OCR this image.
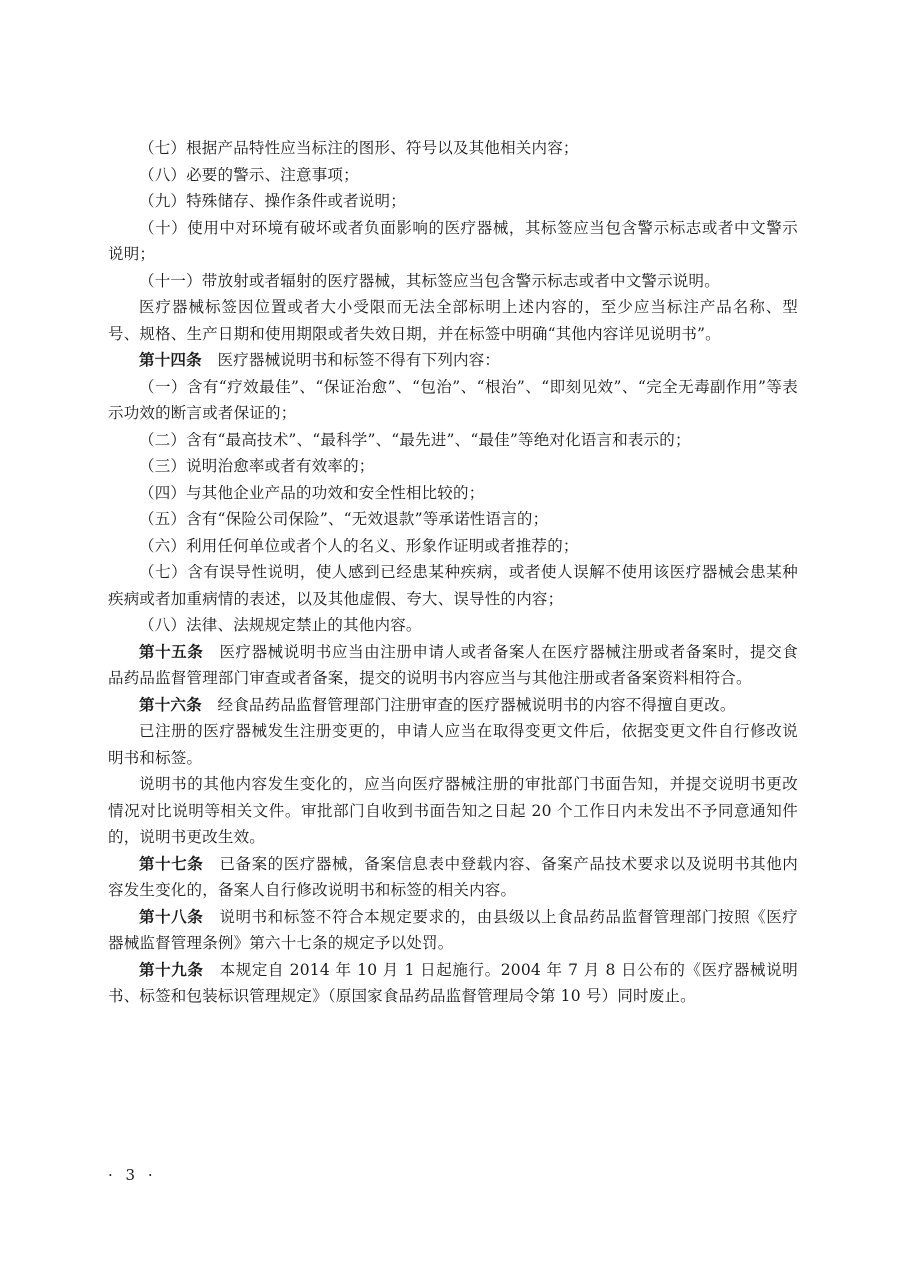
（七）根据产品特性应当标注的图形、符号以及其他相关内容；

（八）必要的警示、注意事项；

（九）特殊储存、操作条件或者说明；

（十）使用中对环境有破坏或者负面影响的医疗器械，其标签应当包含警示标志或者中文警示说明；

（十一）带放射或者辐射的医疗器械，其标签应当包含警示标志或者中文警示说明。

医疗器械标签因位置或者大小受限而无法全部标明上述内容的，至少应当标注产品名称、型号、规格、生产日期和使用期限或者失效日期，并在标签中明确“其他内容详见说明书”。

第十四条　 医疗器械说明书和标签不得有下列内容：

（一）含有“疗效最佳”、“保证治愈”、“包治”、“根治”、“即刻见效”、“完全无毒副作用”等表示功效的断言或者保证的；

（二）含有“最高技术”、“最科学”、“最先进”、“最佳”等绝对化语言和表示的；

（三）说明治愈率或者有效率的；

（四）与其他企业产品的功效和安全性相比较的；

（五）含有“保险公司保险”、“无效退款”等承诺性语言的；

（六）利用任何单位或者个人的名义、形象作证明或者推荐的；

（七）含有误导性说明，使人感到已经患某种疾病，或者使人误解不使用该医疗器械会患某种疾病或者加重病情的表述，以及其他虚假、夸大、误导性的内容；

（八）法律、法规规定禁止的其他内容。

第十五条　 医疗器械说明书应当由注册申请人或者备案人在医疗器械注册或者备案时，提交食品药品监督管理部门审查或者备案，提交的说明书内容应当与其他注册或者备案资料相符合。

第十六条　 经食品药品监督管理部门注册审查的医疗器械说明书的内容不得擅自更改。

已注册的医疗器械发生注册变更的，申请人应当在取得变更文件后，依据变更文件自行修改说明书和标签。

说明书的其他内容发生变化的，应当向医疗器械注册的审批部门书面告知，并提交说明书更改情况对比说明等相关文件。审批部门自收到书面告知之日起 20 个工作日内未发出不予同意通知件的，说明书更改生效。

第十七条　 已备案的医疗器械，备案信息表中登载内容、备案产品技术要求以及说明书其他内容发生变化的，备案人自行修改说明书和标签的相关内容。

第十八条　 说明书和标签不符合本规定要求的，由县级以上食品药品监督管理部门按照《医疗器械监督管理条例》第六十七条的规定予以处罚。

第十九条　 本规定自 2014 年 10 月 1 日起施行。2004 年 7 月 8 日公布的《医疗器械说明书、标签和包装标识管理规定》（原国家食品药品监督管理局令第 10 号）同时废止。

· 3 ·
